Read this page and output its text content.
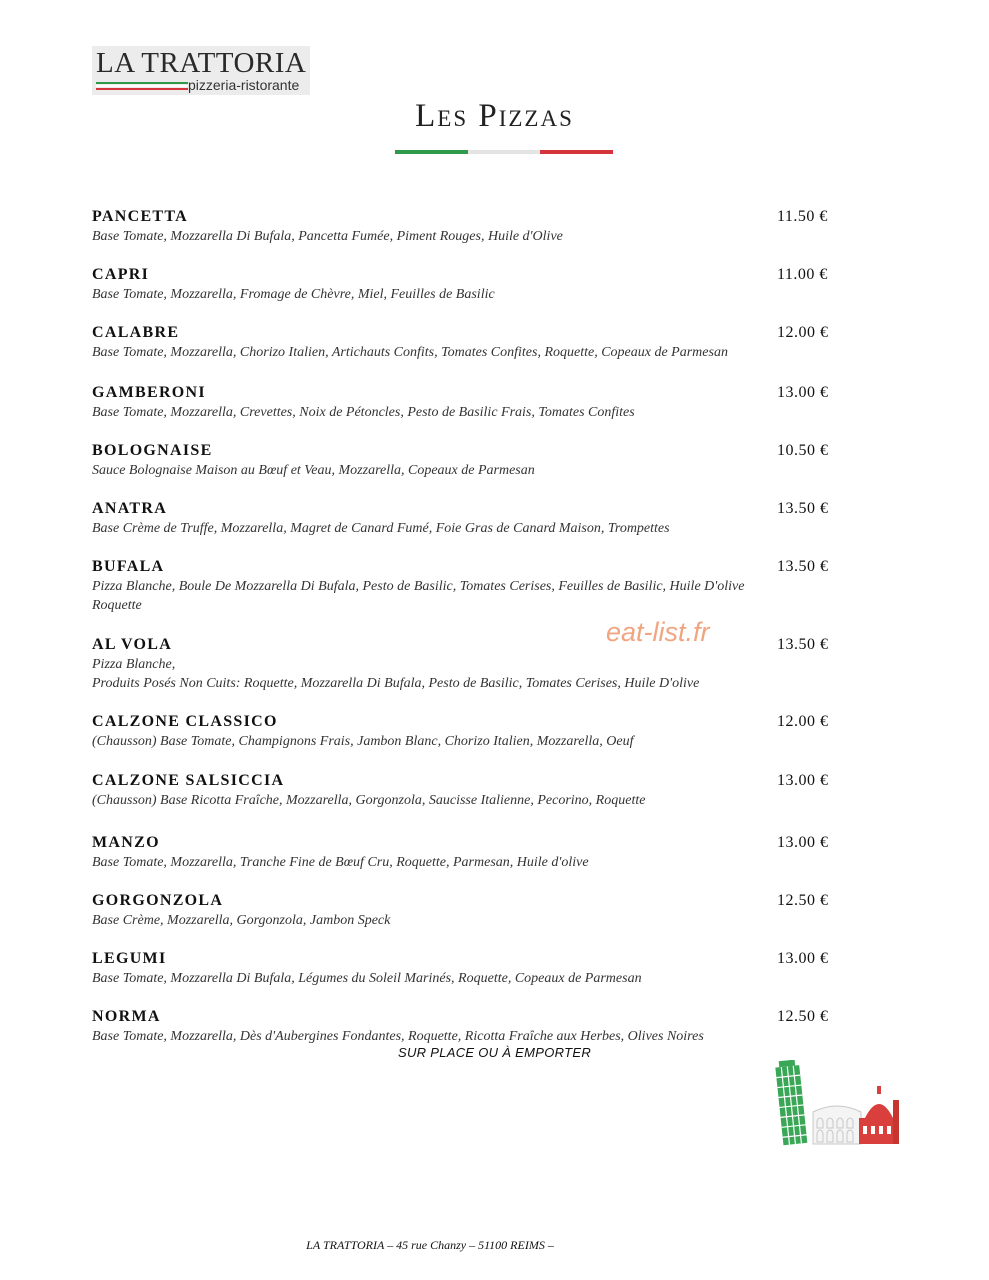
LA TRATTORIA
pizzeria-ristorante
Les Pizzas
PANCETTA	11.50 €
Base Tomate, Mozzarella Di Bufala, Pancetta Fumée, Piment Rouges, Huile d'Olive
CAPRI	11.00 €
Base Tomate, Mozzarella, Fromage de Chèvre, Miel, Feuilles de Basilic
CALABRE	12.00 €
Base Tomate, Mozzarella, Chorizo Italien, Artichauts Confits, Tomates Confites, Roquette, Copeaux de Parmesan
GAMBERONI	13.00 €
Base Tomate, Mozzarella, Crevettes, Noix de Pétoncles, Pesto de Basilic Frais, Tomates Confites
BOLOGNAISE	10.50 €
Sauce Bolognaise Maison au Bœuf et Veau, Mozzarella, Copeaux de Parmesan
ANATRA	13.50 €
Base Crème de Truffe, Mozzarella, Magret de Canard Fumé, Foie Gras de Canard Maison, Trompettes
BUFALA	13.50 €
Pizza Blanche, Boule De Mozzarella Di Bufala, Pesto de Basilic, Tomates Cerises, Feuilles de Basilic, Huile D'olive
Roquette
AL VOLA	13.50 €
Pizza Blanche,
Produits Posés Non Cuits: Roquette, Mozzarella Di Bufala, Pesto de Basilic, Tomates Cerises, Huile D'olive
CALZONE CLASSICO	12.00 €
(Chausson) Base Tomate, Champignons Frais, Jambon Blanc, Chorizo Italien, Mozzarella, Oeuf
CALZONE SALSICCIA	13.00 €
(Chausson) Base Ricotta Fraîche, Mozzarella, Gorgonzola, Saucisse Italienne, Pecorino, Roquette
MANZO	13.00 €
Base Tomate, Mozzarella, Tranche Fine de Bœuf Cru, Roquette, Parmesan, Huile d'olive
GORGONZOLA	12.50 €
Base Crème, Mozzarella, Gorgonzola, Jambon Speck
LEGUMI	13.00 €
Base Tomate, Mozzarella Di Bufala, Légumes du Soleil Marinés, Roquette, Copeaux de Parmesan
NORMA	12.50 €
Base Tomate, Mozzarella, Dès d'Aubergines Fondantes, Roquette, Ricotta Fraîche aux Herbes, Olives Noires
eat-list.fr
SUR PLACE OU À EMPORTER
LA TRATTORIA – 45 rue Chanzy – 51100 REIMS –
